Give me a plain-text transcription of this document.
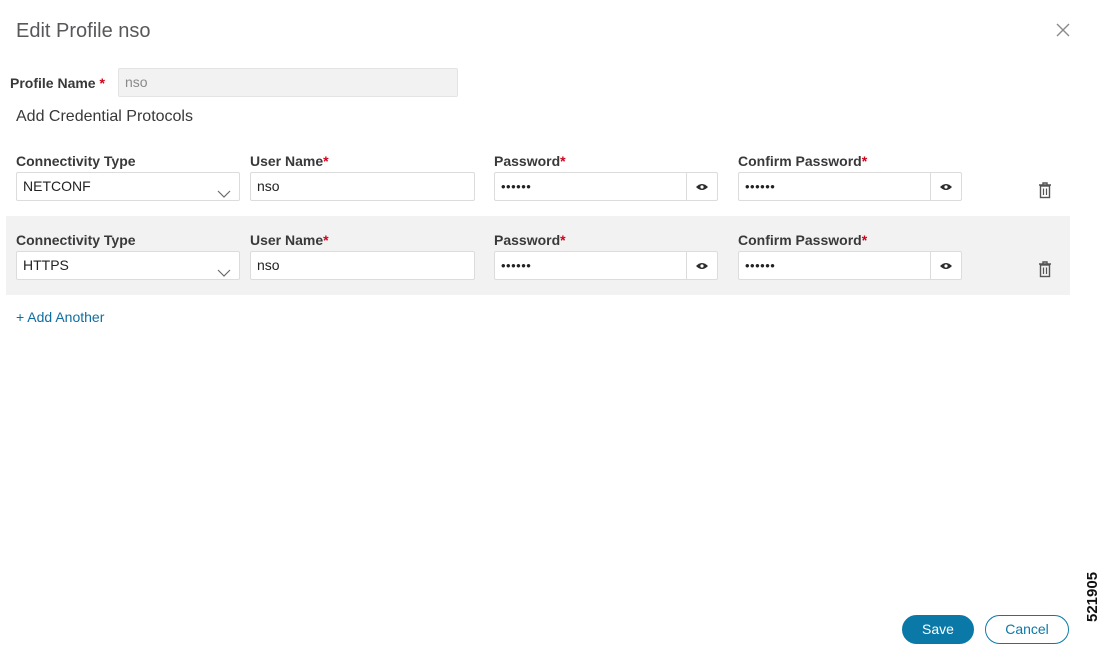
Edit Profile nso
Profile Name *	nso
Add Credential Protocols
Connectivity Type	User Name*	Password*	Confirm Password*
NETCONF	nso	••••••	••••••
Connectivity Type	User Name*	Password*	Confirm Password*
HTTPS	nso	••••••	••••••
+ Add Another
Save	Cancel
521905
